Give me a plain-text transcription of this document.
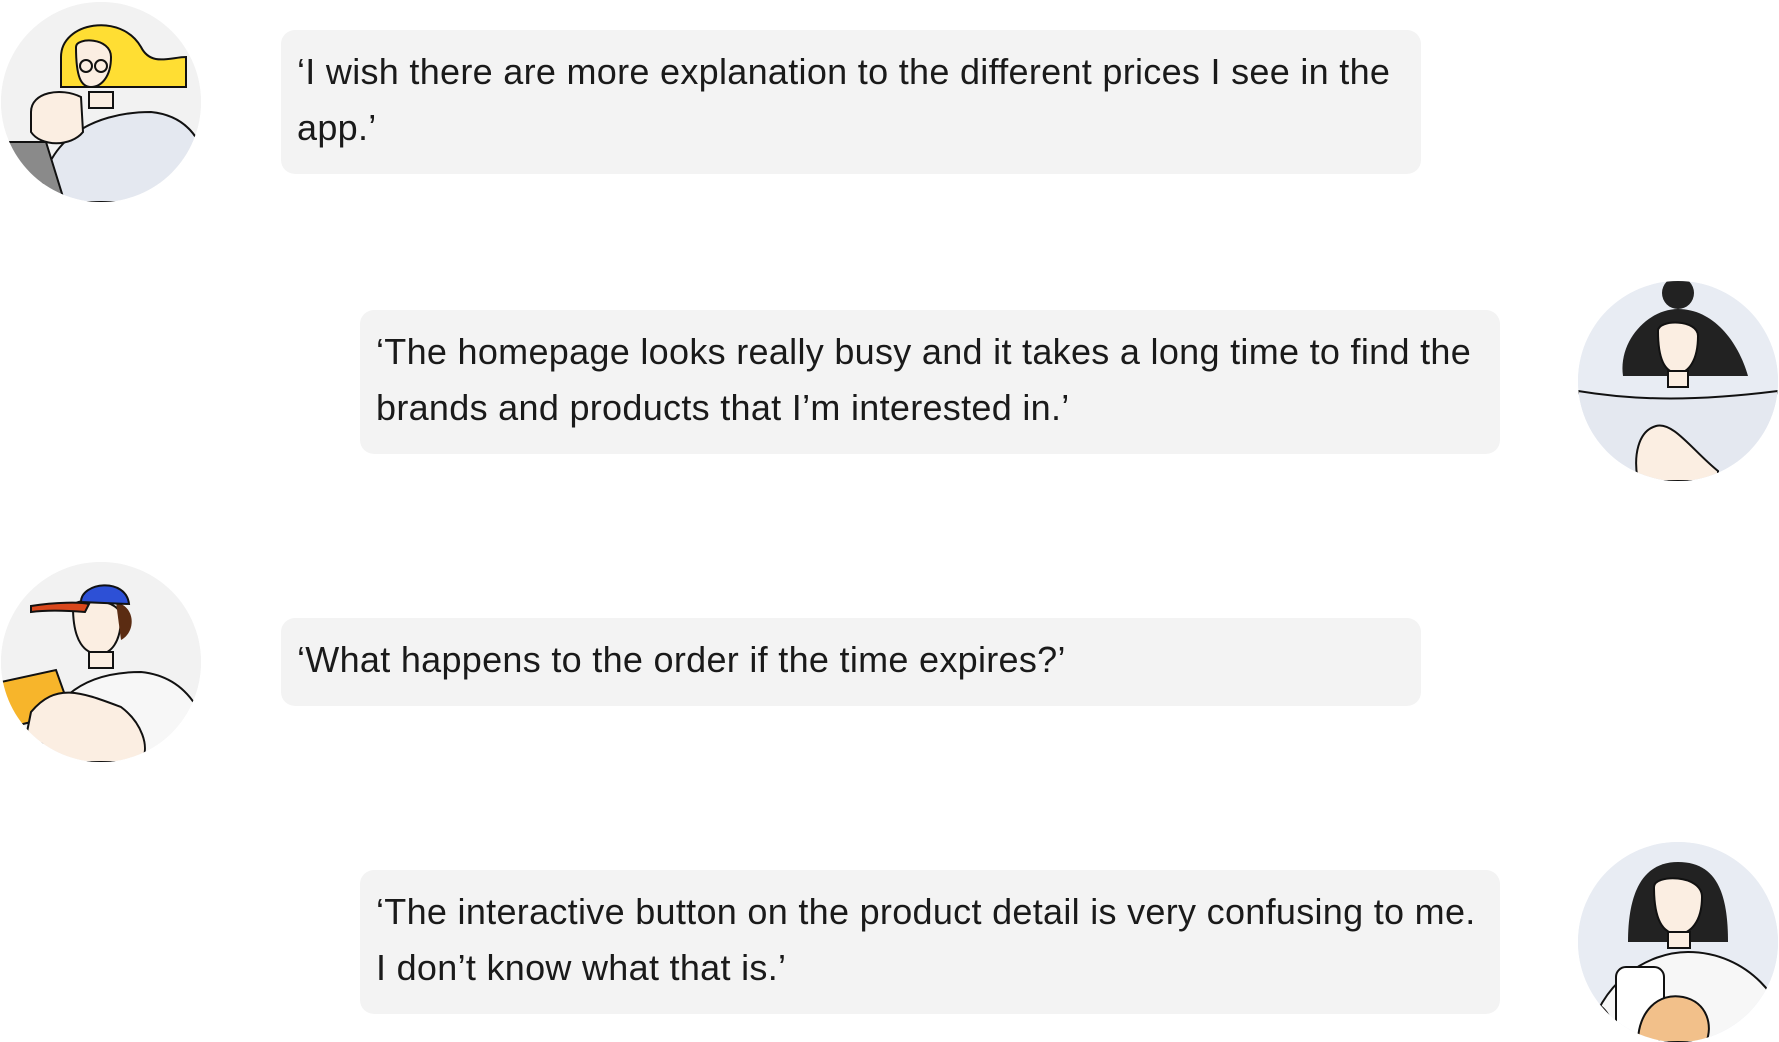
‘I wish there are more explanation to the different prices I see in the app.’
‘The homepage looks really busy and it takes a long time to find the brands and products that I’m interested in.’
‘What happens to the order if the time expires?’
‘The interactive button on the product detail is very confusing to me. I don’t know what that is.’
